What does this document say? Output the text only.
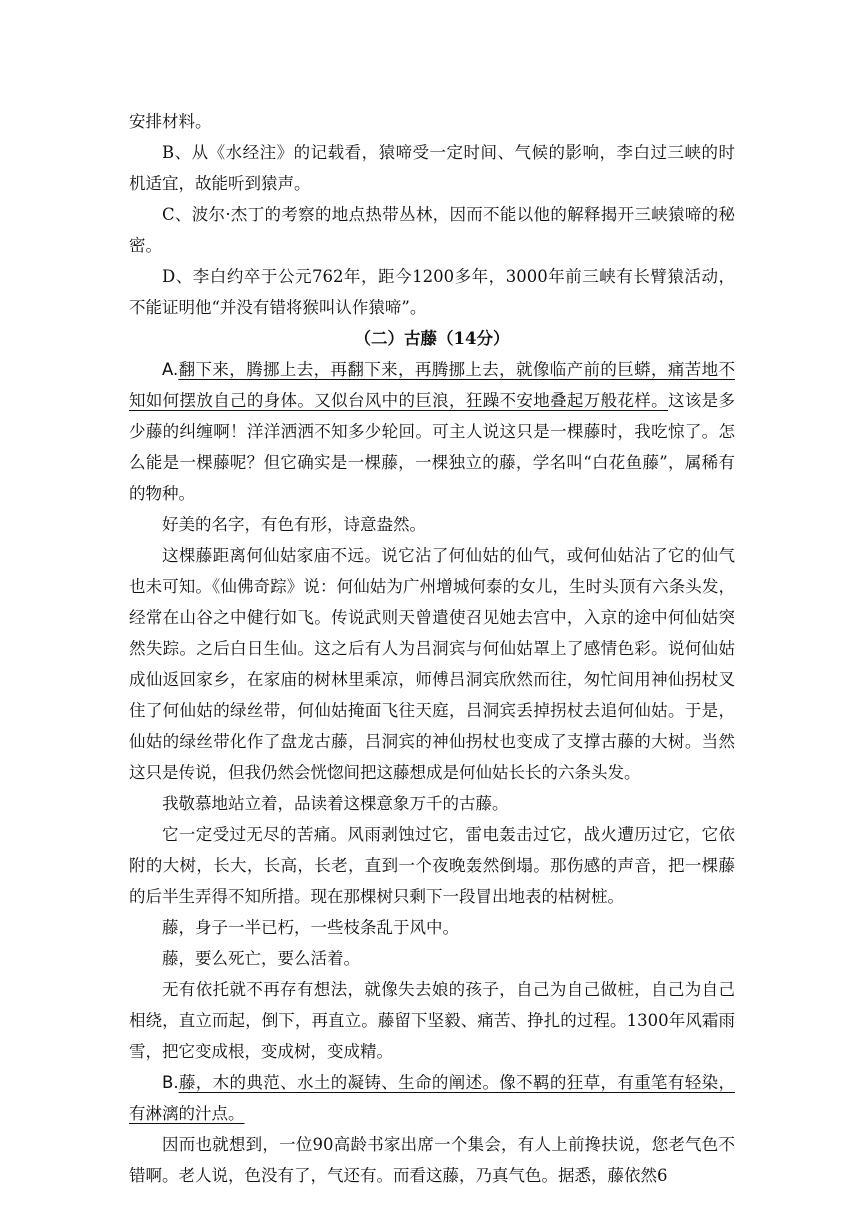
安排材料。

B、从《水经注》的记载看，猿啼受一定时间、气候的影响，李白过三峡的时机适宜，故能听到猿声。

C、波尔·杰丁的考察的地点热带丛林，因而不能以他的解释揭开三峡猿啼的秘密。

D、李白约卒于公元762年，距今1200多年，3000年前三峡有长臂猿活动，不能证明他“并没有错将猴叫认作猿啼”。

（二）古藤（14分）

A.翻下来，腾挪上去，再翻下来，再腾挪上去，就像临产前的巨蟒，痛苦地不知如何摆放自己的身体。又似台风中的巨浪，狂躁不安地叠起万般花样。这该是多少藤的纠缠啊！洋洋洒洒不知多少轮回。可主人说这只是一棵藤时，我吃惊了。怎么能是一棵藤呢？但它确实是一棵藤，一棵独立的藤，学名叫“白花鱼藤”，属稀有的物种。

好美的名字，有色有形，诗意盎然。

这棵藤距离何仙姑家庙不远。说它沾了何仙姑的仙气，或何仙姑沾了它的仙气也未可知。《仙佛奇踪》说：何仙姑为广州增城何泰的女儿，生时头顶有六条头发，经常在山谷之中健行如飞。传说武则天曾遣使召见她去宫中，入京的途中何仙姑突然失踪。之后白日生仙。这之后有人为吕洞宾与何仙姑罩上了感情色彩。说何仙姑成仙返回家乡，在家庙的树林里乘凉，师傅吕洞宾欣然而往，匆忙间用神仙拐杖叉住了何仙姑的绿丝带，何仙姑掩面飞往天庭，吕洞宾丢掉拐杖去追何仙姑。于是，仙姑的绿丝带化作了盘龙古藤，吕洞宾的神仙拐杖也变成了支撑古藤的大树。当然这只是传说，但我仍然会恍惚间把这藤想成是何仙姑长长的六条头发。

我敬慕地站立着，品读着这棵意象万千的古藤。

它一定受过无尽的苦痛。风雨剥蚀过它，雷电轰击过它，战火遭历过它，它依附的大树，长大，长高，长老，直到一个夜晚轰然倒塌。那伤感的声音，把一棵藤的后半生弄得不知所措。现在那棵树只剩下一段冒出地表的枯树桩。

藤，身子一半已朽，一些枝条乱于风中。

藤，要么死亡，要么活着。

无有依托就不再存有想法，就像失去娘的孩子，自己为自己做桩，自己为自己相绕，直立而起，倒下，再直立。藤留下坚毅、痛苦、挣扎的过程。1300年风霜雨雪，把它变成根，变成树，变成精。

B.藤，木的典范、水土的凝铸、生命的阐述。像不羁的狂草，有重笔有轻染，有淋漓的汁点。

因而也就想到，一位90高龄书家出席一个集会，有人上前搀扶说，您老气色不错啊。老人说，色没有了，气还有。而看这藤，乃真气色。据悉，藤依然6
